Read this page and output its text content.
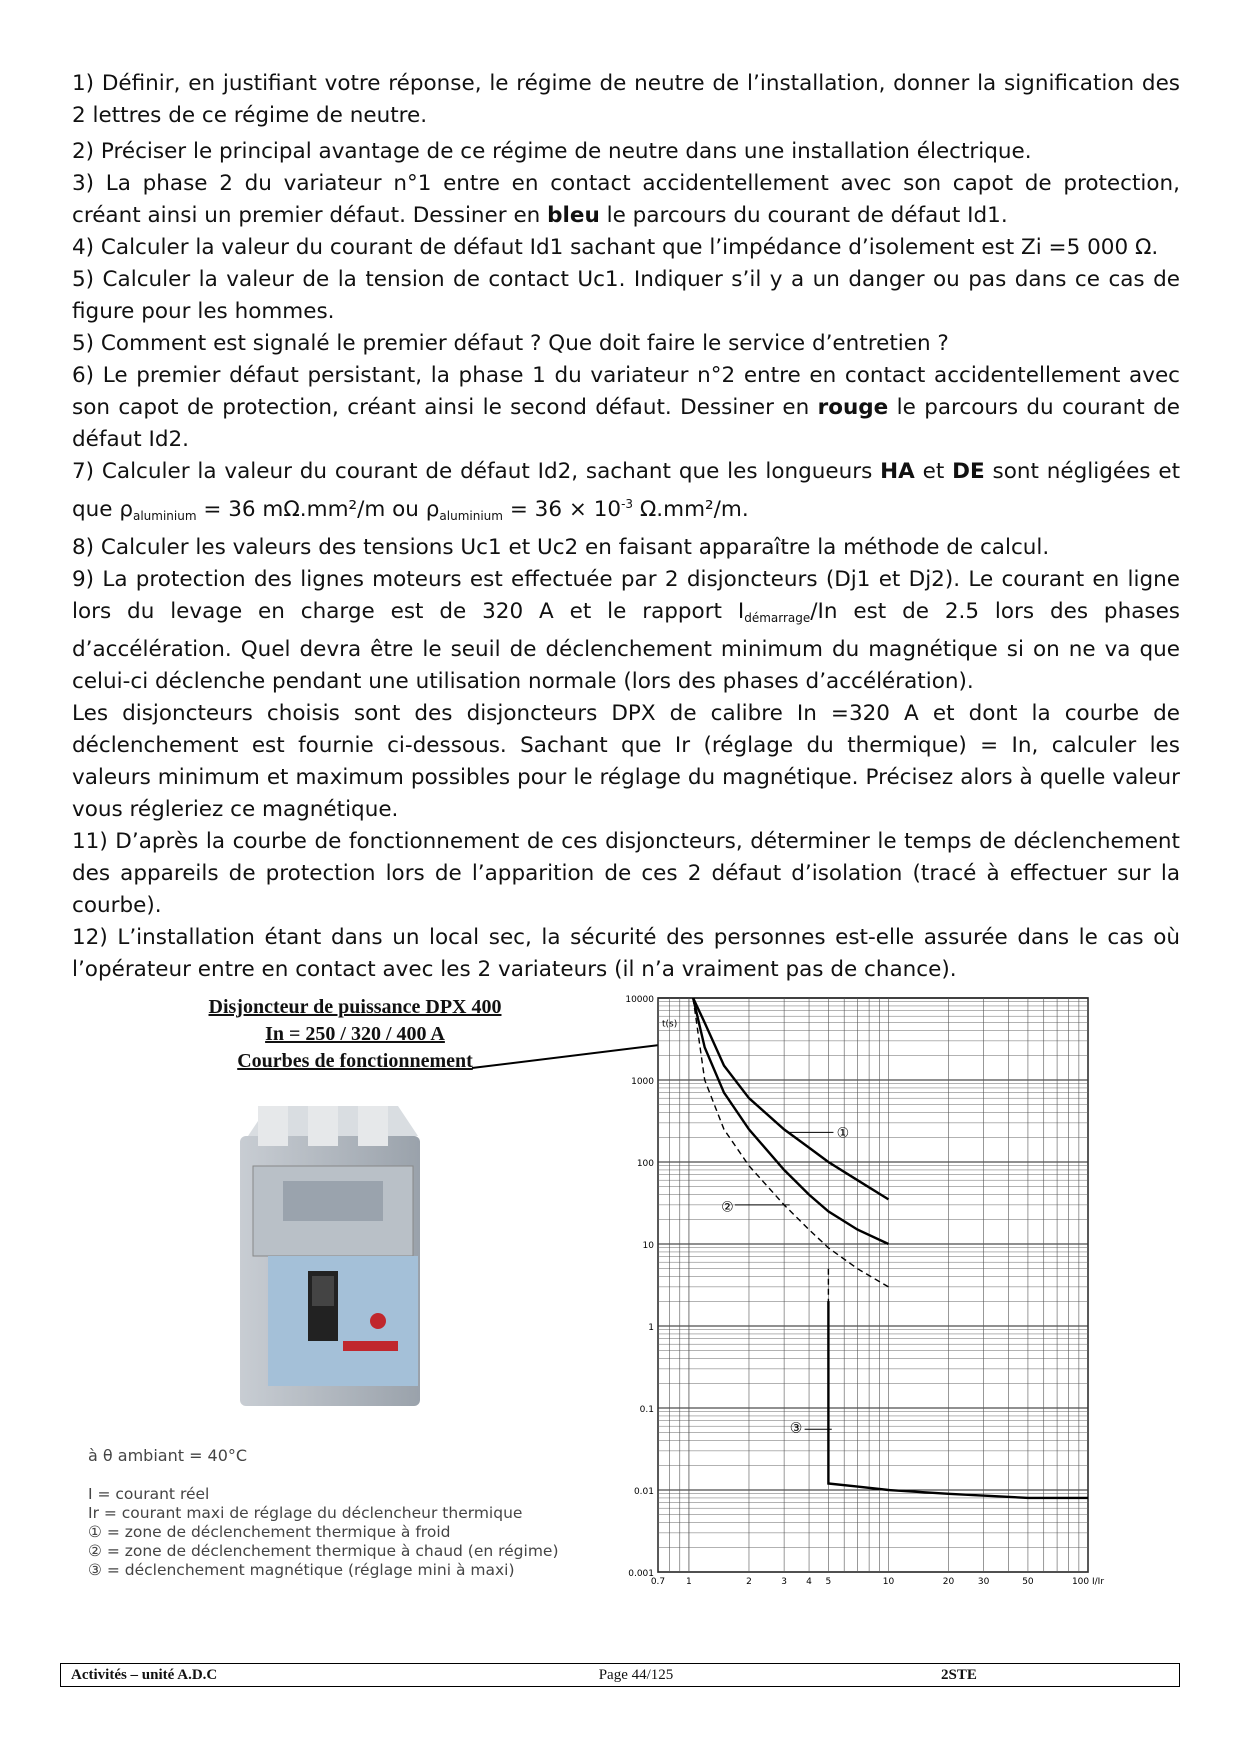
1) Définir, en justifiant votre réponse, le régime de neutre de l’installation, donner la signification des 2 lettres de ce régime de neutre.

2) Préciser le principal avantage de ce régime de neutre dans une installation électrique.

3) La phase 2 du variateur n°1 entre en contact accidentellement avec son capot de protection, créant ainsi un premier défaut. Dessiner en bleu le parcours du courant de défaut Id1.

4) Calculer la valeur du courant de défaut Id1 sachant que l’impédance d’isolement est Zi =5 000 Ω.

5) Calculer la valeur de la tension de contact Uc1. Indiquer s’il y a un danger ou pas dans ce cas de figure pour les hommes.

5) Comment est signalé le premier défaut ? Que doit faire le service d’entretien ?

6) Le premier défaut persistant, la phase 1 du variateur n°2 entre en contact accidentellement avec son capot de protection, créant ainsi le second défaut. Dessiner en rouge le parcours du courant de défaut Id2.

7) Calculer la valeur du courant de défaut Id2, sachant que les longueurs HA et DE sont négligées et que $\rho_{aluminium} = 36$ mΩ.mm²/m ou $\rho_{aluminium} = 36 \times 10^{-3}$ Ω.mm²/m.

8) Calculer les valeurs des tensions Uc1 et Uc2 en faisant apparaître la méthode de calcul.

9) La protection des lignes moteurs est effectuée par 2 disjoncteurs (Dj1 et Dj2). Le courant en ligne lors du levage en charge est de 320 A et le rapport $I_{démarrage}/In$ est de 2.5 lors des phases d’accélération. Quel devra être le seuil de déclenchement minimum du magnétique si on ne va que celui-ci déclenche pendant une utilisation normale (lors des phases d’accélération).

Les disjoncteurs choisis sont des disjoncteurs DPX de calibre In =320 A et dont la courbe de déclenchement est fournie ci-dessous. Sachant que Ir (réglage du thermique) = In, calculer les valeurs minimum et maximum possibles pour le réglage du magnétique. Précisez alors à quelle valeur vous régleriez ce magnétique.

11) D’après la courbe de fonctionnement de ces disjoncteurs, déterminer le temps de déclenchement des appareils de protection lors de l’apparition de ces 2 défaut d’isolation (tracé à effectuer sur la courbe).

12) L’installation étant dans un local sec, la sécurité des personnes est-elle assurée dans le cas où l’opérateur entre en contact avec les 2 variateurs (il n’a vraiment pas de chance).

Disjoncteur de puissance DPX 400
In = 250 / 320 / 400 A
Courbes de fonctionnement
à θ ambiant = 40°C
I = courant réel
Ir = courant maxi de réglage du déclencheur thermique
① = zone de déclenchement thermique à froid
② = zone de déclenchement thermique à chaud (en régime)
③ = déclenchement magnétique (réglage mini à maxi)
10000
1000
100
10
1
0.1
0.01
0.001
0.7 1	2	3 4 5	10	20	30	50	100 I/Ir
t(s)
①
②
③
Activités – unité A.D.C	Page 44/125	2STE
